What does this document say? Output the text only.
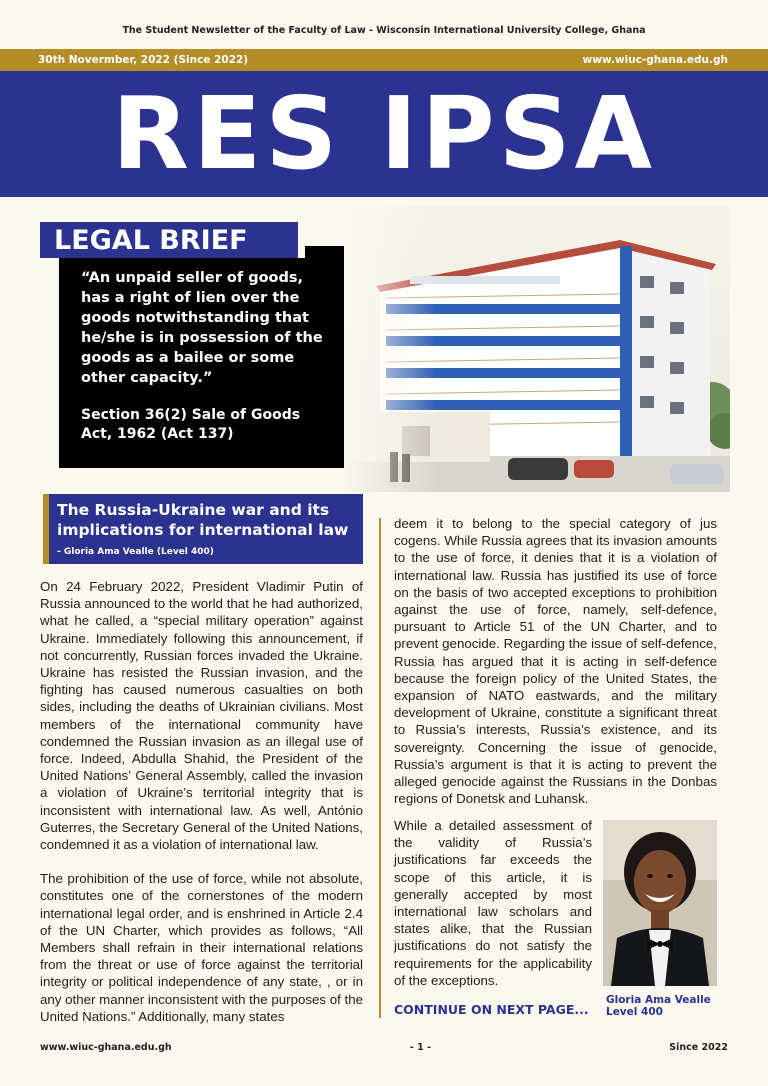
The Student Newsletter of the Faculty of Law - Wisconsin International University College, Ghana
30th Novermber, 2022 (Since 2022)	www.wiuc-ghana.edu.gh
RES IPSA
LEGAL BRIEF
“An unpaid seller of goods, has a right of lien over the goods notwithstanding that he/she is in possession of the goods as a bailee or some other capacity.”
Section 36(2) Sale of Goods Act, 1962 (Act 137)
The Russia-Ukraine war and its implications for international law
- Gloria Ama Vealle (Level 400)

On 24 February 2022, President Vladimir Putin of Russia announced to the world that he had authorized, what he called, a “special military operation” against Ukraine. Immediately following this announcement, if not concurrently, Russian forces invaded the Ukraine. Ukraine has resisted the Russian invasion, and the fighting has caused numerous casualties on both sides, including the deaths of Ukrainian civilians. Most members of the international community have condemned the Russian invasion as an illegal use of force. Indeed, Abdulla Shahid, the President of the United Nations’ General Assembly, called the invasion a violation of Ukraine’s territorial integrity that is inconsistent with international law. As well, António Guterres, the Secretary General of the United Nations, condemned it as a violation of international law.

The prohibition of the use of force, while not absolute, constitutes one of the cornerstones of the modern international legal order, and is enshrined in Article 2.4 of the UN Charter, which provides as follows, “All Members shall refrain in their international relations from the threat or use of force against the territorial integrity or political independence of any state, , or in any other manner inconsistent with the purposes of the United Nations.” Additionally, many states

deem it to belong to the special category of jus cogens. While Russia agrees that its invasion amounts to the use of force, it denies that it is a violation of international law. Russia has justified its use of force on the basis of two accepted exceptions to prohibition against the use of force, namely, self-defence, pursuant to Article 51 of the UN Charter, and to prevent genocide. Regarding the issue of self-defence, Russia has argued that it is acting in self-defence because the foreign policy of the United States, the expansion of NATO eastwards, and the military development of Ukraine, constitute a significant threat to Russia’s interests, Russia’s existence, and its sovereignty. Concerning the issue of genocide, Russia’s argument is that it is acting to prevent the alleged genocide against the Russians in the Donbas regions of Donetsk and Luhansk.

While a detailed assessment of the validity of Russia’s justifications far exceeds the scope of this article, it is generally accepted by most international law scholars and states alike, that the Russian justifications do not satisfy the requirements for the applicability of the exceptions.

CONTINUE ON NEXT PAGE...
Gloria Ama Vealle
Level 400
www.wiuc-ghana.edu.gh	- 1 -	Since 2022
